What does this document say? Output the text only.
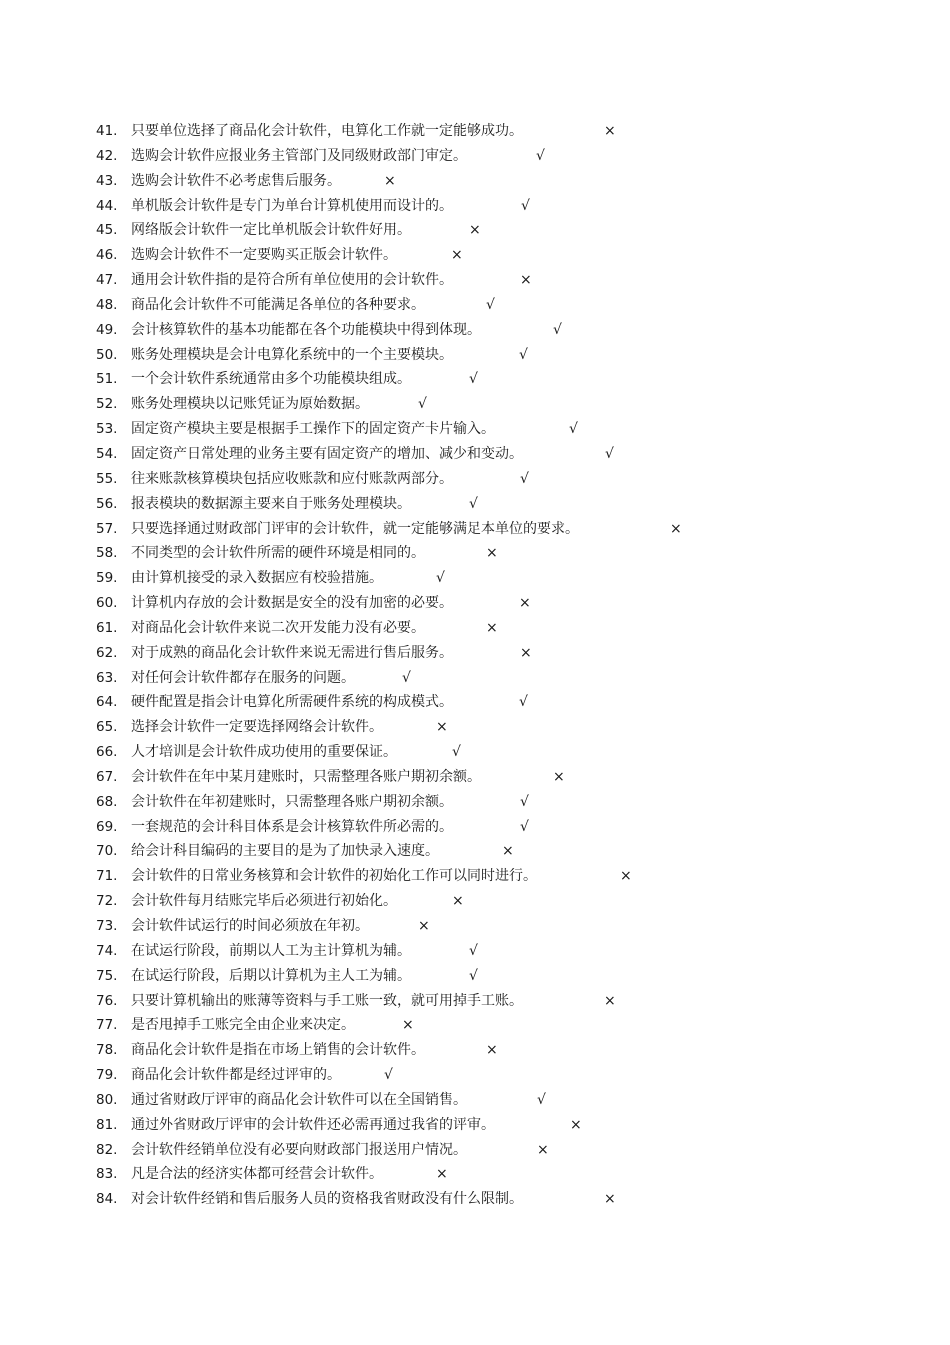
41. 只要单位选择了商品化会计软件，电算化工作就一定能够成功。	×
42. 选购会计软件应报业务主管部门及同级财政部门审定。	√
43. 选购会计软件不必考虑售后服务。	×
44. 单机版会计软件是专门为单台计算机使用而设计的。	√
45. 网络版会计软件一定比单机版会计软件好用。	×
46. 选购会计软件不一定要购买正版会计软件。	×
47. 通用会计软件指的是符合所有单位使用的会计软件。	×
48. 商品化会计软件不可能满足各单位的各种要求。	√
49. 会计核算软件的基本功能都在各个功能模块中得到体现。	√
50. 账务处理模块是会计电算化系统中的一个主要模块。	√
51. 一个会计软件系统通常由多个功能模块组成。	√
52. 账务处理模块以记账凭证为原始数据。	√
53. 固定资产模块主要是根据手工操作下的固定资产卡片输入。	√
54. 固定资产日常处理的业务主要有固定资产的增加、减少和变动。	√
55. 往来账款核算模块包括应收账款和应付账款两部分。	√
56. 报表模块的数据源主要来自于账务处理模块。	√
57. 只要选择通过财政部门评审的会计软件，就一定能够满足本单位的要求。	×
58. 不同类型的会计软件所需的硬件环境是相同的。	×
59. 由计算机接受的录入数据应有校验措施。	√
60. 计算机内存放的会计数据是安全的没有加密的必要。	×
61. 对商品化会计软件来说二次开发能力没有必要。	×
62. 对于成熟的商品化会计软件来说无需进行售后服务。	×
63. 对任何会计软件都存在服务的问题。	√
64. 硬件配置是指会计电算化所需硬件系统的构成模式。	√
65. 选择会计软件一定要选择网络会计软件。	×
66. 人才培训是会计软件成功使用的重要保证。	√
67. 会计软件在年中某月建账时，只需整理各账户期初余额。	×
68. 会计软件在年初建账时，只需整理各账户期初余额。	√
69. 一套规范的会计科目体系是会计核算软件所必需的。	√
70. 给会计科目编码的主要目的是为了加快录入速度。	×
71. 会计软件的日常业务核算和会计软件的初始化工作可以同时进行。	×
72. 会计软件每月结账完毕后必须进行初始化。	×
73. 会计软件试运行的时间必须放在年初。	×
74. 在试运行阶段，前期以人工为主计算机为辅。	√
75. 在试运行阶段，后期以计算机为主人工为辅。	√
76. 只要计算机输出的账薄等资料与手工账一致，就可用掉手工账。	×
77. 是否甩掉手工账完全由企业来决定。	×
78. 商品化会计软件是指在市场上销售的会计软件。	×
79. 商品化会计软件都是经过评审的。	√
80. 通过省财政厅评审的商品化会计软件可以在全国销售。	√
81. 通过外省财政厅评审的会计软件还必需再通过我省的评审。	×
82. 会计软件经销单位没有必要向财政部门报送用户情况。	×
83. 凡是合法的经济实体都可经营会计软件。	×
84. 对会计软件经销和售后服务人员的资格我省财政没有什么限制。	×
